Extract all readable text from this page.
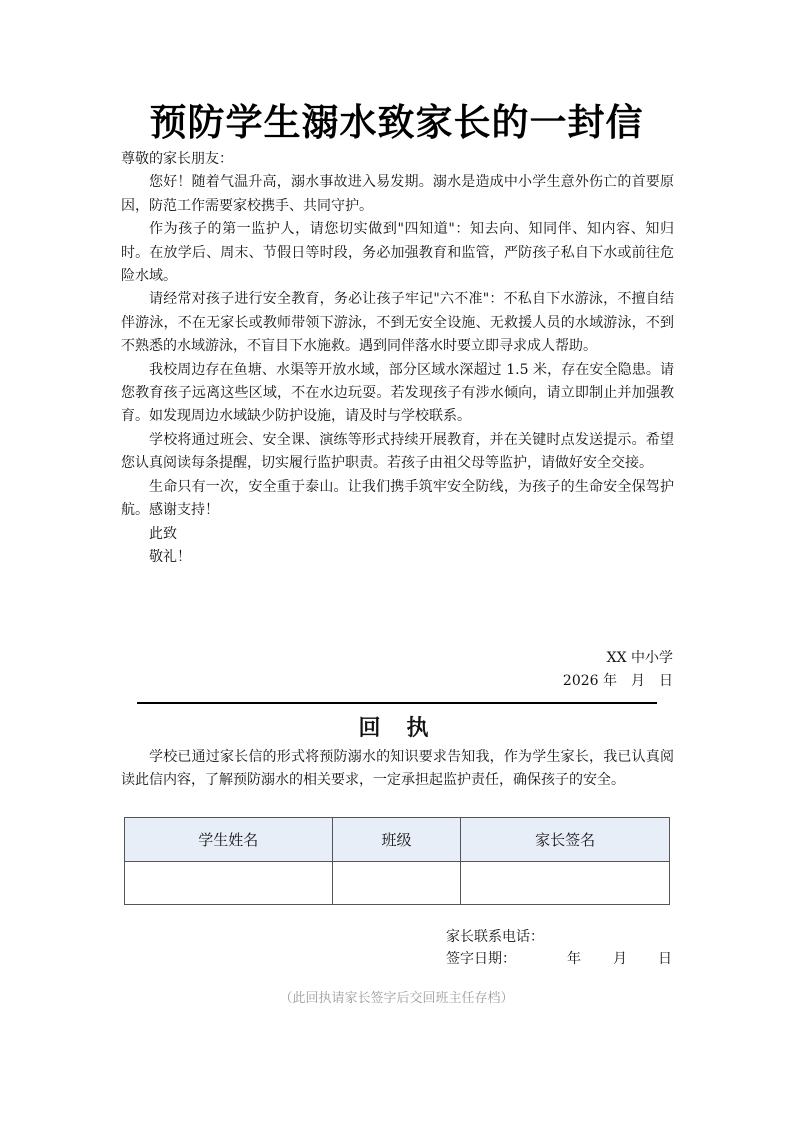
预防学生溺水致家长的一封信

尊敬的家长朋友：

您好！随着气温升高，溺水事故进入易发期。溺水是造成中小学生意外伤亡的首要原因，防范工作需要家校携手、共同守护。

作为孩子的第一监护人，请您切实做到"四知道"：知去向、知同伴、知内容、知归时。在放学后、周末、节假日等时段，务必加强教育和监管，严防孩子私自下水或前往危险水域。

请经常对孩子进行安全教育，务必让孩子牢记"六不准"：不私自下水游泳，不擅自结伴游泳，不在无家长或教师带领下游泳，不到无安全设施、无救援人员的水域游泳，不到不熟悉的水域游泳，不盲目下水施救。遇到同伴落水时要立即寻求成人帮助。

我校周边存在鱼塘、水渠等开放水域，部分区域水深超过 1.5 米，存在安全隐患。请您教育孩子远离这些区域，不在水边玩耍。若发现孩子有涉水倾向，请立即制止并加强教育。如发现周边水域缺少防护设施，请及时与学校联系。

学校将通过班会、安全课、演练等形式持续开展教育，并在关键时点发送提示。希望您认真阅读每条提醒，切实履行监护职责。若孩子由祖父母等监护，请做好安全交接。

生命只有一次，安全重于泰山。让我们携手筑牢安全防线，为孩子的生命安全保驾护航。感谢支持！

此致

敬礼！

XX 中小学
2026 年　月　日
回执

学校已通过家长信的形式将预防溺水的知识要求告知我，作为学生家长，我已认真阅读此信内容，了解预防溺水的相关要求，一定承担起监护责任，确保孩子的安全。

学生姓名	班级	家长签名

家长联系电话：
签字日期：	年 月 日
（此回执请家长签字后交回班主任存档）
